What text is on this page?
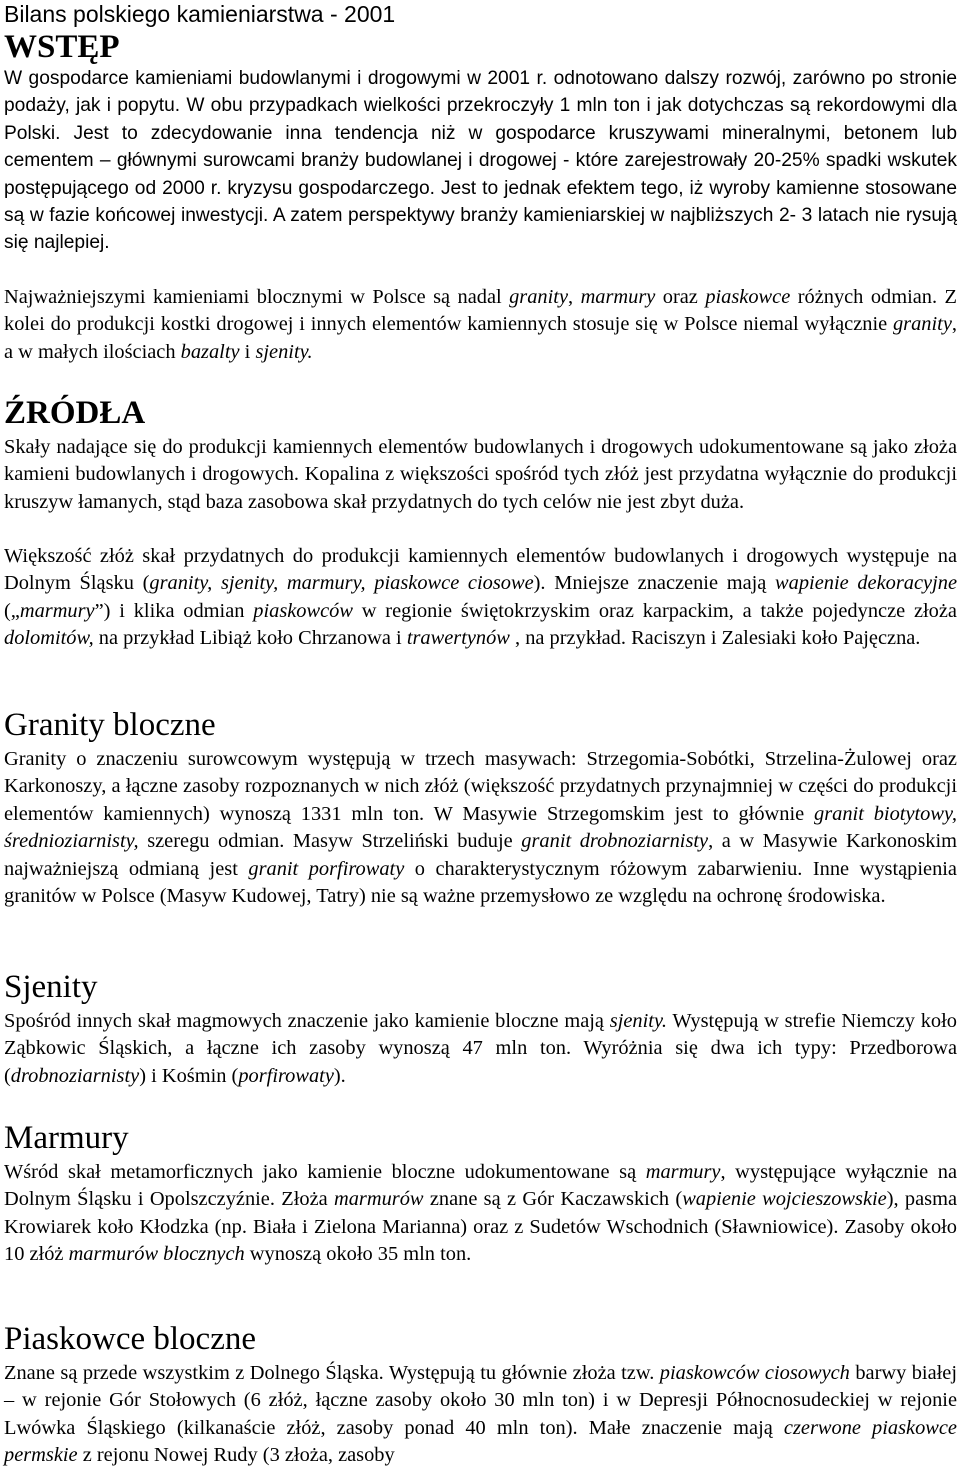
Bilans polskiego kamieniarstwa - 2001
WSTĘP

W gospodarce kamieniami budowlanymi i drogowymi w 2001 r. odnotowano dalszy rozwój, zarówno po stronie podaży, jak i popytu. W obu przypadkach wielkości przekroczyły 1 mln ton i jak dotychczas są rekordowymi dla Polski. Jest to zdecydowanie inna tendencja niż w gospodarce kruszywami mineralnymi, betonem lub cementem – głównymi surowcami branży budowlanej i drogowej - które zarejestrowały 20-25% spadki wskutek postępującego od 2000 r. kryzysu gospodarczego. Jest to jednak efektem tego, iż wyroby kamienne stosowane są w fazie końcowej inwestycji. A zatem perspektywy branży kamieniarskiej w najbliższych 2- 3 latach nie rysują się najlepiej.

Najważniejszymi kamieniami blocznymi w Polsce są nadal granity, marmury oraz piaskowce różnych odmian. Z kolei do produkcji kostki drogowej i innych elementów kamiennych stosuje się w Polsce niemal wyłącznie granity, a w małych ilościach bazalty i sjenity.

ŹRÓDŁA

Skały nadające się do produkcji kamiennych elementów budowlanych i drogowych udokumentowane są jako złoża kamieni budowlanych i drogowych. Kopalina z większości spośród tych złóż jest przydatna wyłącznie do produkcji kruszyw łamanych, stąd baza zasobowa skał przydatnych do tych celów nie jest zbyt duża.

Większość złóż skał przydatnych do produkcji kamiennych elementów budowlanych i drogowych występuje na Dolnym Śląsku (granity, sjenity, marmury, piaskowce ciosowe). Mniejsze znaczenie mają wapienie dekoracyjne („marmury”) i klika odmian piaskowców w regionie świętokrzyskim oraz karpackim, a także pojedyncze złoża dolomitów, na przykład Libiąż koło Chrzanowa i trawertynów , na przykład. Raciszyn i Zalesiaki koło Pajęczna.

Granity bloczne

Granity o znaczeniu surowcowym występują w trzech masywach: Strzegomia-Sobótki, Strzelina-Żulowej oraz Karkonoszy, a łączne zasoby rozpoznanych w nich złóż (większość przydatnych przynajmniej w części do produkcji elementów kamiennych) wynoszą 1331 mln ton. W Masywie Strzegomskim jest to głównie granit biotytowy, średnioziarnisty, szeregu odmian. Masyw Strzeliński buduje granit drobnoziarnisty, a w Masywie Karkonoskim najważniejszą odmianą jest granit porfirowaty o charakterystycznym różowym zabarwieniu. Inne wystąpienia granitów w Polsce (Masyw Kudowej, Tatry) nie są ważne przemysłowo ze względu na ochronę środowiska.

Sjenity

Spośród innych skał magmowych znaczenie jako kamienie bloczne mają sjenity. Występują w strefie Niemczy koło Ząbkowic Śląskich, a łączne ich zasoby wynoszą 47 mln ton. Wyróżnia się dwa ich typy: Przedborowa (drobnoziarnisty) i Kośmin (porfirowaty).

Marmury

Wśród skał metamorficznych jako kamienie bloczne udokumentowane są marmury, występujące wyłącznie na Dolnym Śląsku i Opolszczyźnie. Złoża marmurów znane są z Gór Kaczawskich (wapienie wojcieszowskie), pasma Krowiarek koło Kłodzka (np. Biała i Zielona Marianna) oraz z Sudetów Wschodnich (Sławniowice). Zasoby około 10 złóż marmurów blocznych wynoszą około 35 mln ton.

Piaskowce bloczne

Znane są przede wszystkim z Dolnego Śląska. Występują tu głównie złoża tzw. piaskowców ciosowych barwy białej – w rejonie Gór Stołowych (6 złóż, łączne zasoby około 30 mln ton) i w Depresji Północnosudeckiej w rejonie Lwówka Śląskiego (kilkanaście złóż, zasoby ponad 40 mln ton). Małe znaczenie mają czerwone piaskowce permskie z rejonu Nowej Rudy (3 złoża, zasoby
